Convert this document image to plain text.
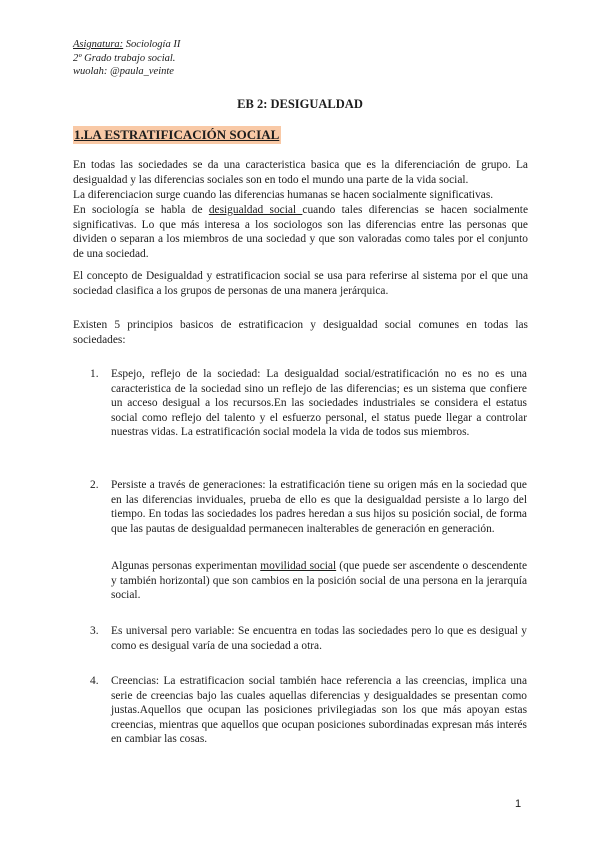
Asignatura: Sociología II
2º Grado trabajo social.
wuolah: @paula_veinte
EB 2: DESIGUALDAD
1.LA ESTRATIFICACIÓN SOCIAL

En todas las sociedades se da una caracteristica basica que es la diferenciación de grupo. La desigualdad y las diferencias sociales son en todo el mundo una parte de la vida social.

La diferenciacion surge cuando las diferencias humanas se hacen socialmente significativas.

En sociología se habla de desigualdad social cuando tales diferencias se hacen socialmente significativas. Lo que más interesa a los sociologos son las diferencias entre las personas que dividen o separan a los miembros de una sociedad y que son valoradas como tales por el conjunto de una sociedad.

El concepto de Desigualdad y estratificacion social se usa para referirse al sistema por el que una sociedad clasifica a los grupos de personas de una manera jerárquica.

Existen 5 principios basicos de estratificacion y desigualdad social comunes en todas las sociedades:

1. Espejo, reflejo de la sociedad: La desigualdad social/estratificación no es no es una caracteristica de la sociedad sino un reflejo de las diferencias; es un sistema que confiere un acceso desigual a los recursos.En las sociedades industriales se considera el estatus social como reflejo del talento y el esfuerzo personal, el status puede llegar a controlar nuestras vidas. La estratificación social modela la vida de todos sus miembros.

2. Persiste a través de generaciones: la estratificación tiene su origen más en la sociedad que en las diferencias invidualеs, prueba de ello es que la desigualdad persiste a lo largo del tiempo. En todas las sociedades los padres heredan a sus hijos su posición social, de forma que las pautas de desigualdad permanecen inalterables de generación en generación.

Algunas personas experimentan movilidad social (que puede ser ascendente o descendente y también horizontal) que son cambios en la posición social de una persona en la jerarquía social.

3. Es universal pero variable: Se encuentra en todas las sociedades pero lo que es desigual y como es desigual varía de una sociedad a otra.

4. Creencias: La estratificacion social también hace referencia a las creencias, implica una serie de creencias bajo las cuales aquellas diferencias y desigualdades se presentan como justas.Aquellos que ocupan las posiciones privilegiadas son los que más apoyan estas creencias, mientras que aquellos que ocupan posiciones subordinadas expresan más interés en cambiar las cosas.

1
